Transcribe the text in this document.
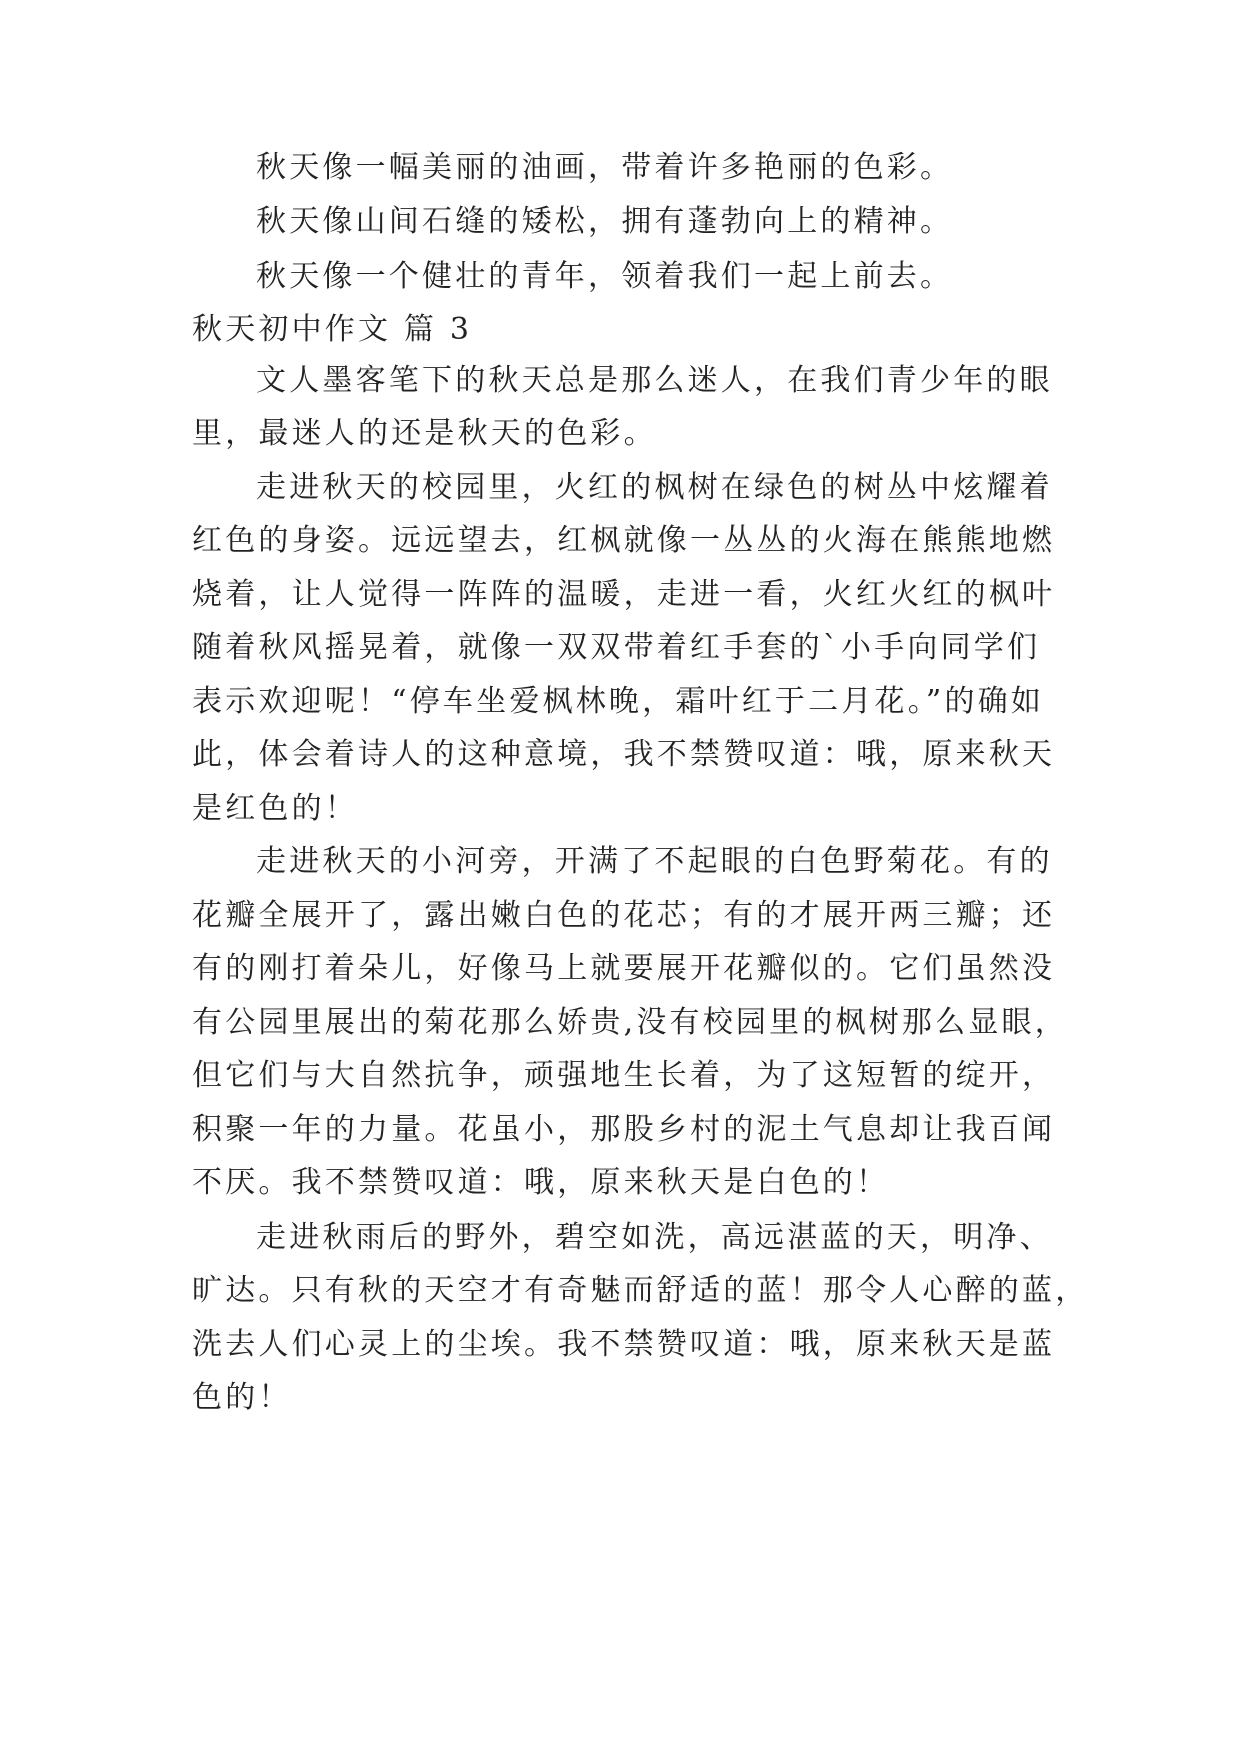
秋天像一幅美丽的油画，带着许多艳丽的色彩。
秋天像山间石缝的矮松，拥有蓬勃向上的精神。
秋天像一个健壮的青年，领着我们一起上前去。
秋天初中作文 篇 3
文人墨客笔下的秋天总是那么迷人，在我们青少年的眼
里，最迷人的还是秋天的色彩。
走进秋天的校园里，火红的枫树在绿色的树丛中炫耀着
红色的身姿。远远望去，红枫就像一丛丛的火海在熊熊地燃
烧着，让人觉得一阵阵的温暖，走进一看，火红火红的枫叶
随着秋风摇晃着，就像一双双带着红手套的`小手向同学们
表示欢迎呢！“停车坐爱枫林晚，霜叶红于二月花。”的确如
此，体会着诗人的这种意境，我不禁赞叹道：哦，原来秋天
是红色的！
走进秋天的小河旁，开满了不起眼的白色野菊花。有的
花瓣全展开了，露出嫩白色的花芯；有的才展开两三瓣；还
有的刚打着朵儿，好像马上就要展开花瓣似的。它们虽然没
有公园里展出的菊花那么娇贵,没有校园里的枫树那么显眼，
但它们与大自然抗争，顽强地生长着，为了这短暂的绽开，
积聚一年的力量。花虽小，那股乡村的泥土气息却让我百闻
不厌。我不禁赞叹道：哦，原来秋天是白色的！
走进秋雨后的野外，碧空如洗，高远湛蓝的天，明净、
旷达。只有秋的天空才有奇魅而舒适的蓝！那令人心醉的蓝，
洗去人们心灵上的尘埃。我不禁赞叹道：哦，原来秋天是蓝
色的！
